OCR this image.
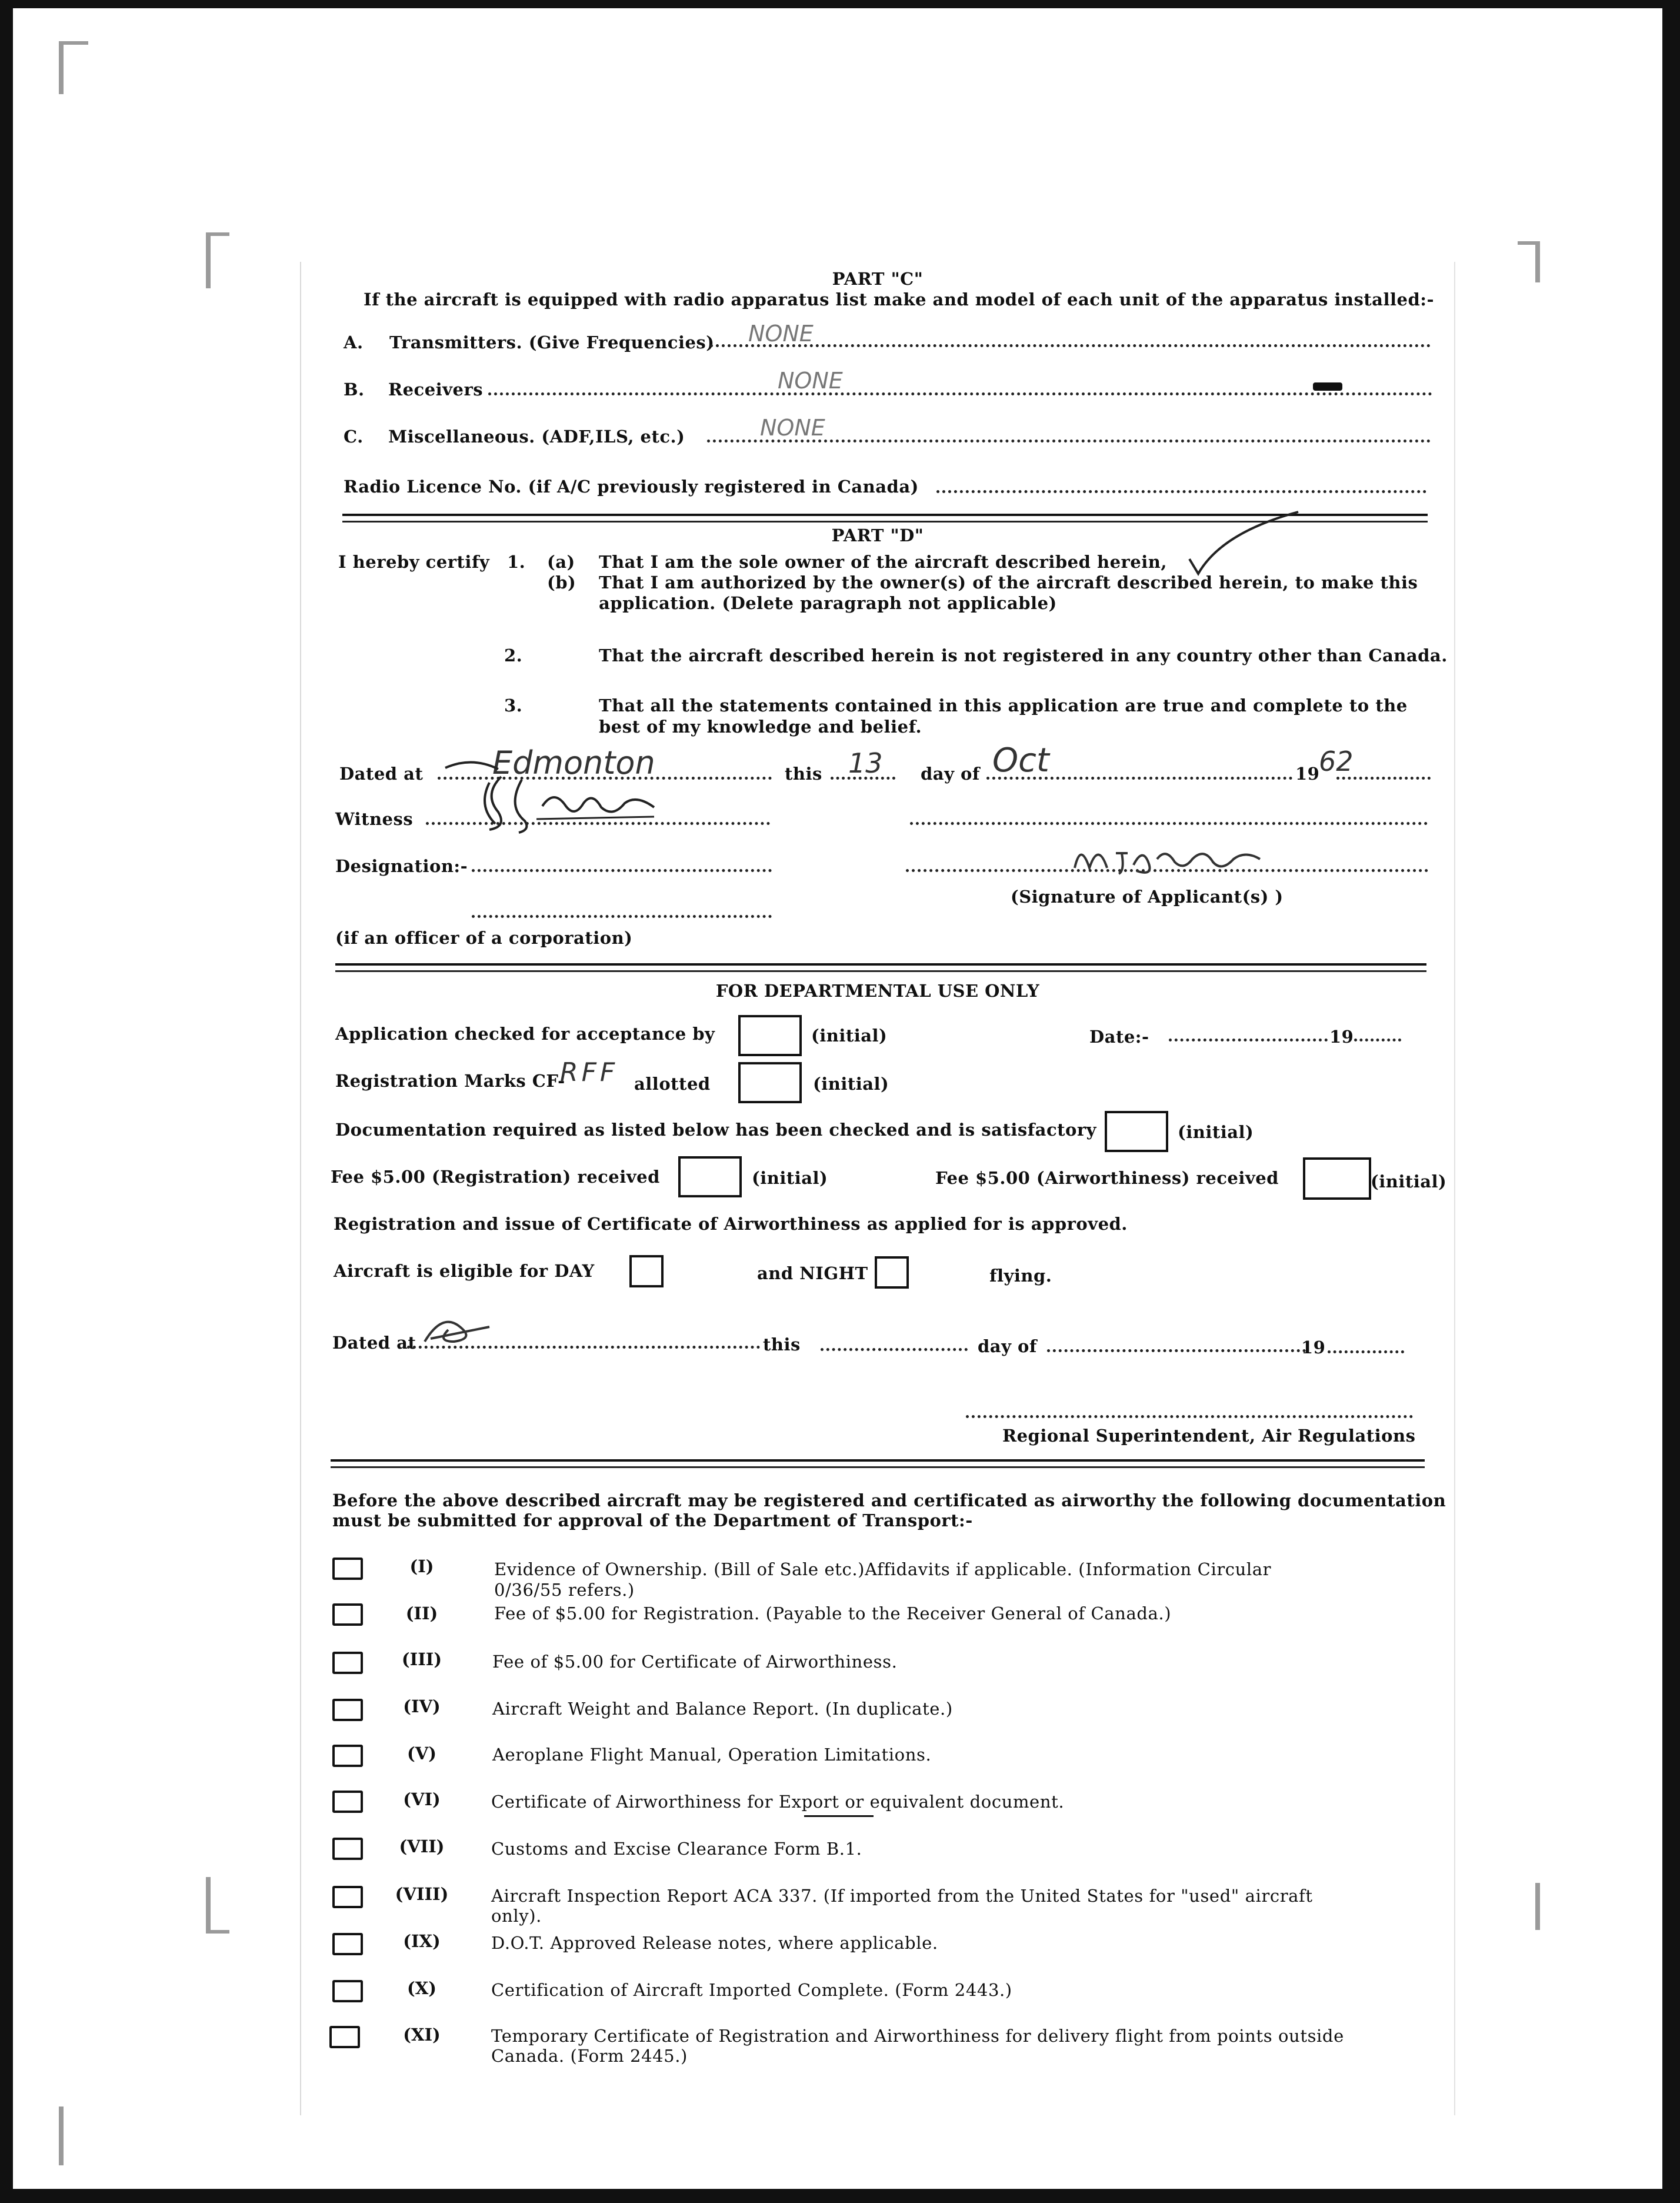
PART "C"
If the aircraft is equipped with radio apparatus list make and model of each unit of the apparatus installed:-
A. Transmitters. (Give Frequencies) NONE
B. Receivers	NONE
C. Miscellaneous. (ADF,ILS, etc.)	NONE
Radio Licence No. (if A/C previously registered in Canada)
PART "D"
I hereby certify 1. (a) That I am the sole owner of the aircraft described herein,
(b) That I am authorized by the owner(s) of the aircraft described herein, to make this
application. (Delete paragraph not applicable)
2.	That the aircraft described herein is not registered in any country other than Canada.
3.	That all the statements contained in this application are true and complete to the
best of my knowledge and belief.
Dated at Edmonton	this 13 day of Oct	19
62
Witness
Designation:-
(Signature of Applicant(s) )
(if an officer of a corporation)
FOR DEPARTMENTAL USE ONLY
Application checked for acceptance by	(initial)	Date:-	19
Registration Marks CF-
RFF allotted	(initial)
Documentation required as listed below has been checked and is satisfactory	(initial)
Fee $5.00 (Registration) received	(initial)	Fee $5.00 (Airworthiness) received	(initial)
Registration and issue of Certificate of Airworthiness as applied for is approved.
Aircraft is eligible for DAY	and NIGHT	flying.
Dated at	this	day of	19
Regional Superintendent, Air Regulations
Before the above described aircraft may be registered and certificated as airworthy the following documentation
must be submitted for approval of the Department of Transport:-
(I)	Evidence of Ownership. (Bill of Sale etc.)Affidavits if applicable. (Information Circular
0/36/55 refers.)
(II)	Fee of $5.00 for Registration. (Payable to the Receiver General of Canada.)
(III)	Fee of $5.00 for Certificate of Airworthiness.
(IV)	Aircraft Weight and Balance Report. (In duplicate.)
(V)	Aeroplane Flight Manual, Operation Limitations.
(VI)	Certificate of Airworthiness for Export or equivalent document.
(VII)	Customs and Excise Clearance Form B.1.
(VIII)	Aircraft Inspection Report ACA 337. (If imported from the United States for "used" aircraft
only).
(IX)	D.O.T. Approved Release notes, where applicable.
(X)	Certification of Aircraft Imported Complete. (Form 2443.)
(XI)	Temporary Certificate of Registration and Airworthiness for delivery flight from points outside
Canada. (Form 2445.)
